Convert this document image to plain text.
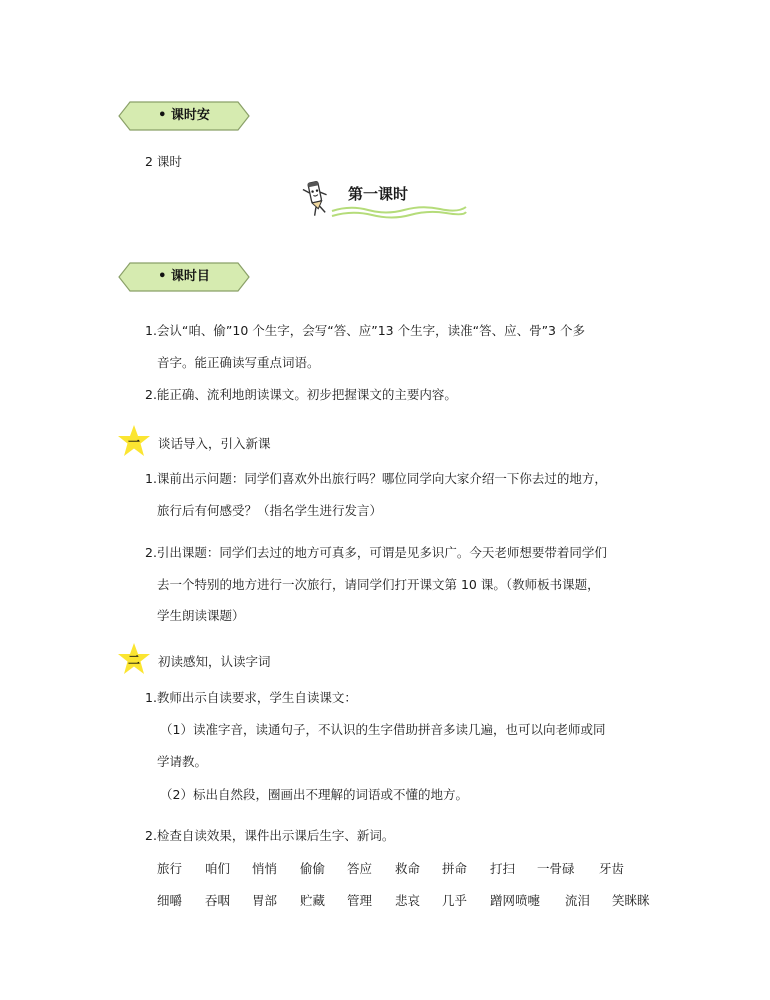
• 课时安
2 课时
第一课时
• 课时目
1.会认“咱、偷”10 个生字，会写“答、应”13 个生字，读准“答、应、骨”3 个多
音字。能正确读写重点词语。
2.能正确、流利地朗读课文。初步把握课文的主要内容。
一	谈话导入，引入新课
1.课前出示问题：同学们喜欢外出旅行吗？哪位同学向大家介绍一下你去过的地方，
旅行后有何感受？（指名学生进行发言）
2.引出课题：同学们去过的地方可真多，可谓是见多识广。今天老师想要带着同学们
去一个特别的地方进行一次旅行，请同学们打开课文第 10 课。（教师板书课题，
学生朗读课题）
二	初读感知，认读字词
1.教师出示自读要求，学生自读课文：
（1）读准字音，读通句子，不认识的生字借助拼音多读几遍，也可以向老师或同
学请教。
（2）标出自然段，圈画出不理解的词语或不懂的地方。
2.检查自读效果，课件出示课后生字、新词。
旅行 咱们 悄悄 偷偷 答应 救命 拼命 打扫 一骨碌 牙齿
细嚼 吞咽 胃部 贮藏 管理 悲哀 几乎 蹭网喷嚏 流泪 笑眯眯
